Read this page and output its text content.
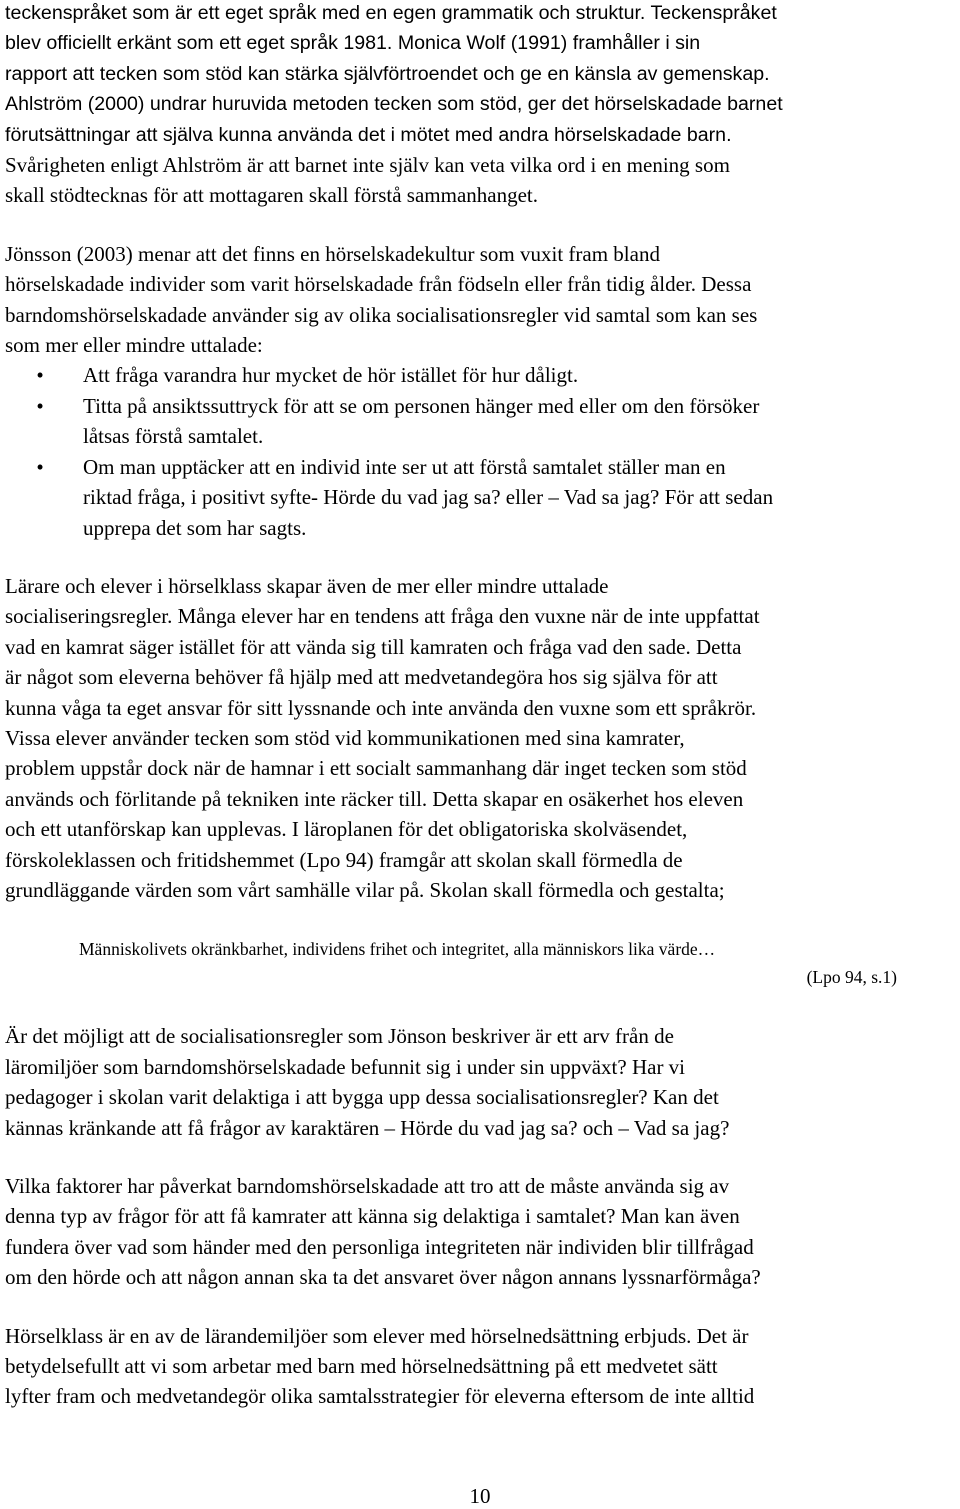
teckenspråket som är ett eget språk med en egen grammatik och struktur. Teckenspråket
blev officiellt erkänt som ett eget språk 1981. Monica Wolf (1991) framhåller i sin
rapport att tecken som stöd kan stärka självförtroendet och ge en känsla av gemenskap.
Ahlström (2000) undrar huruvida metoden tecken som stöd, ger det hörselskadade barnet
förutsättningar att själva kunna använda det i mötet med andra hörselskadade barn.
Svårigheten enligt Ahlström är att barnet inte själv kan veta vilka ord i en mening som
skall stödtecknas för att mottagaren skall förstå sammanhanget.
Jönsson (2003) menar att det finns en hörselskadekultur som vuxit fram bland
hörselskadade individer som varit hörselskadade från födseln eller från tidig ålder. Dessa
barndomshörselskadade använder sig av olika socialisationsregler vid samtal som kan ses
som mer eller mindre uttalade:
• Att fråga varandra hur mycket de hör istället för hur dåligt.
• Titta på ansiktssuttryck för att se om personen hänger med eller om den försöker
låtsas förstå samtalet.
• Om man upptäcker att en individ inte ser ut att förstå samtalet ställer man en
riktad fråga, i positivt syfte- Hörde du vad jag sa? eller – Vad sa jag? För att sedan
upprepa det som har sagts.
Lärare och elever i hörselklass skapar även de mer eller mindre uttalade
socialiseringsregler. Många elever har en tendens att fråga den vuxne när de inte uppfattat
vad en kamrat säger istället för att vända sig till kamraten och fråga vad den sade. Detta
är något som eleverna behöver få hjälp med att medvetandegöra hos sig själva för att
kunna våga ta eget ansvar för sitt lyssnande och inte använda den vuxne som ett språkrör.
Vissa elever använder tecken som stöd vid kommunikationen med sina kamrater,
problem uppstår dock när de hamnar i ett socialt sammanhang där inget tecken som stöd
används och förlitande på tekniken inte räcker till. Detta skapar en osäkerhet hos eleven
och ett utanförskap kan upplevas. I läroplanen för det obligatoriska skolväsendet,
förskoleklassen och fritidshemmet (Lpo 94) framgår att skolan skall förmedla de
grundläggande värden som vårt samhälle vilar på. Skolan skall förmedla och gestalta;
Människolivets okränkbarhet, individens frihet och integritet, alla människors lika värde…
(Lpo 94, s.1)
Är det möjligt att de socialisationsregler som Jönson beskriver är ett arv från de
läromiljöer som barndomshörselskadade befunnit sig i under sin uppväxt? Har vi
pedagoger i skolan varit delaktiga i att bygga upp dessa socialisationsregler? Kan det
kännas kränkande att få frågor av karaktären – Hörde du vad jag sa? och – Vad sa jag?
Vilka faktorer har påverkat barndomshörselskadade att tro att de måste använda sig av
denna typ av frågor för att få kamrater att känna sig delaktiga i samtalet? Man kan även
fundera över vad som händer med den personliga integriteten när individen blir tillfrågad
om den hörde och att någon annan ska ta det ansvaret över någon annans lyssnarförmåga?
Hörselklass är en av de lärandemiljöer som elever med hörselnedsättning erbjuds. Det är
betydelsefullt att vi som arbetar med barn med hörselnedsättning på ett medvetet sätt
lyfter fram och medvetandegör olika samtalsstrategier för eleverna eftersom de inte alltid
10
